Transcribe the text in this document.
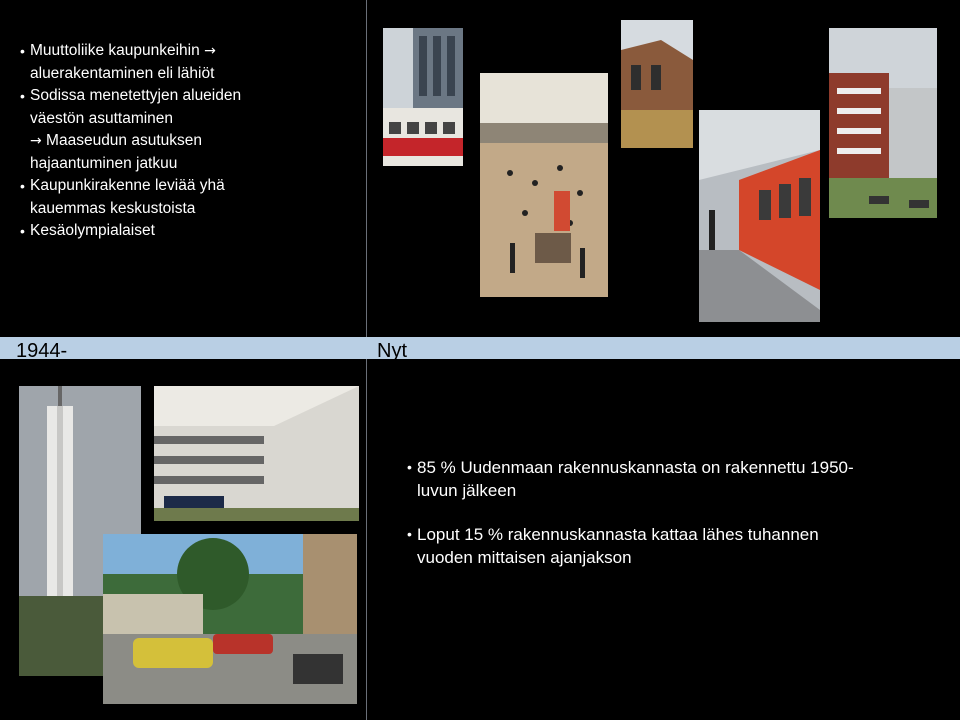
• Muuttoliike kaupunkeihin →
aluerakentaminen eli lähiöt
• Sodissa menetettyjen alueiden
väestön asuttaminen
→ Maaseudun asutuksen
hajaantuminen jatkuu
• Kaupunkirakenne leviää yhä
kauemmas keskustoista
• Kesäolympialaiset
1944-	Nyt
• 85 % Uudenmaan rakennuskannasta on rakennettu 1950-
luvun jälkeen
• Loput 15 % rakennuskannasta kattaa lähes tuhannen
vuoden mittaisen ajanjakson
